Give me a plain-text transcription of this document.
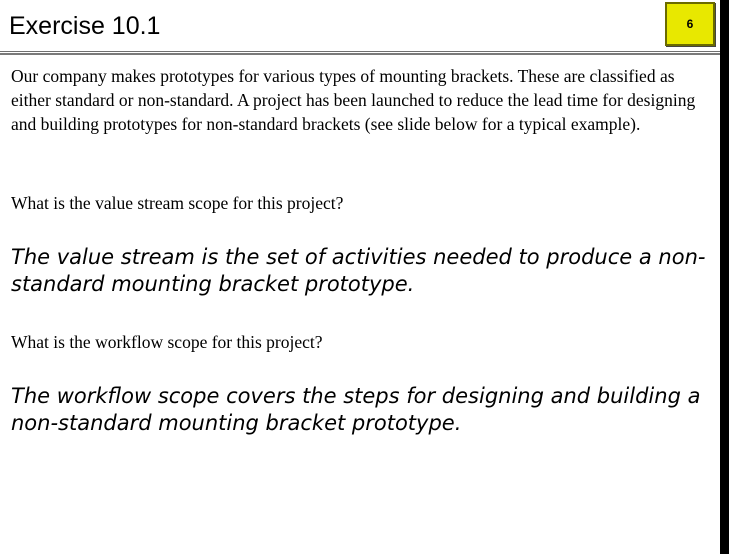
Exercise 10.1	6

Our company makes prototypes for various types of mounting brackets. These are classified as either standard or non-standard. A project has been launched to reduce the lead time for designing and building prototypes for non-standard brackets (see slide below for a typical example).

What is the value stream scope for this project?

The value stream is the set of activities needed to produce a non-standard mounting bracket prototype.

What is the workflow scope for this project?

The workflow scope covers the steps for designing and building a non-standard mounting bracket prototype.
